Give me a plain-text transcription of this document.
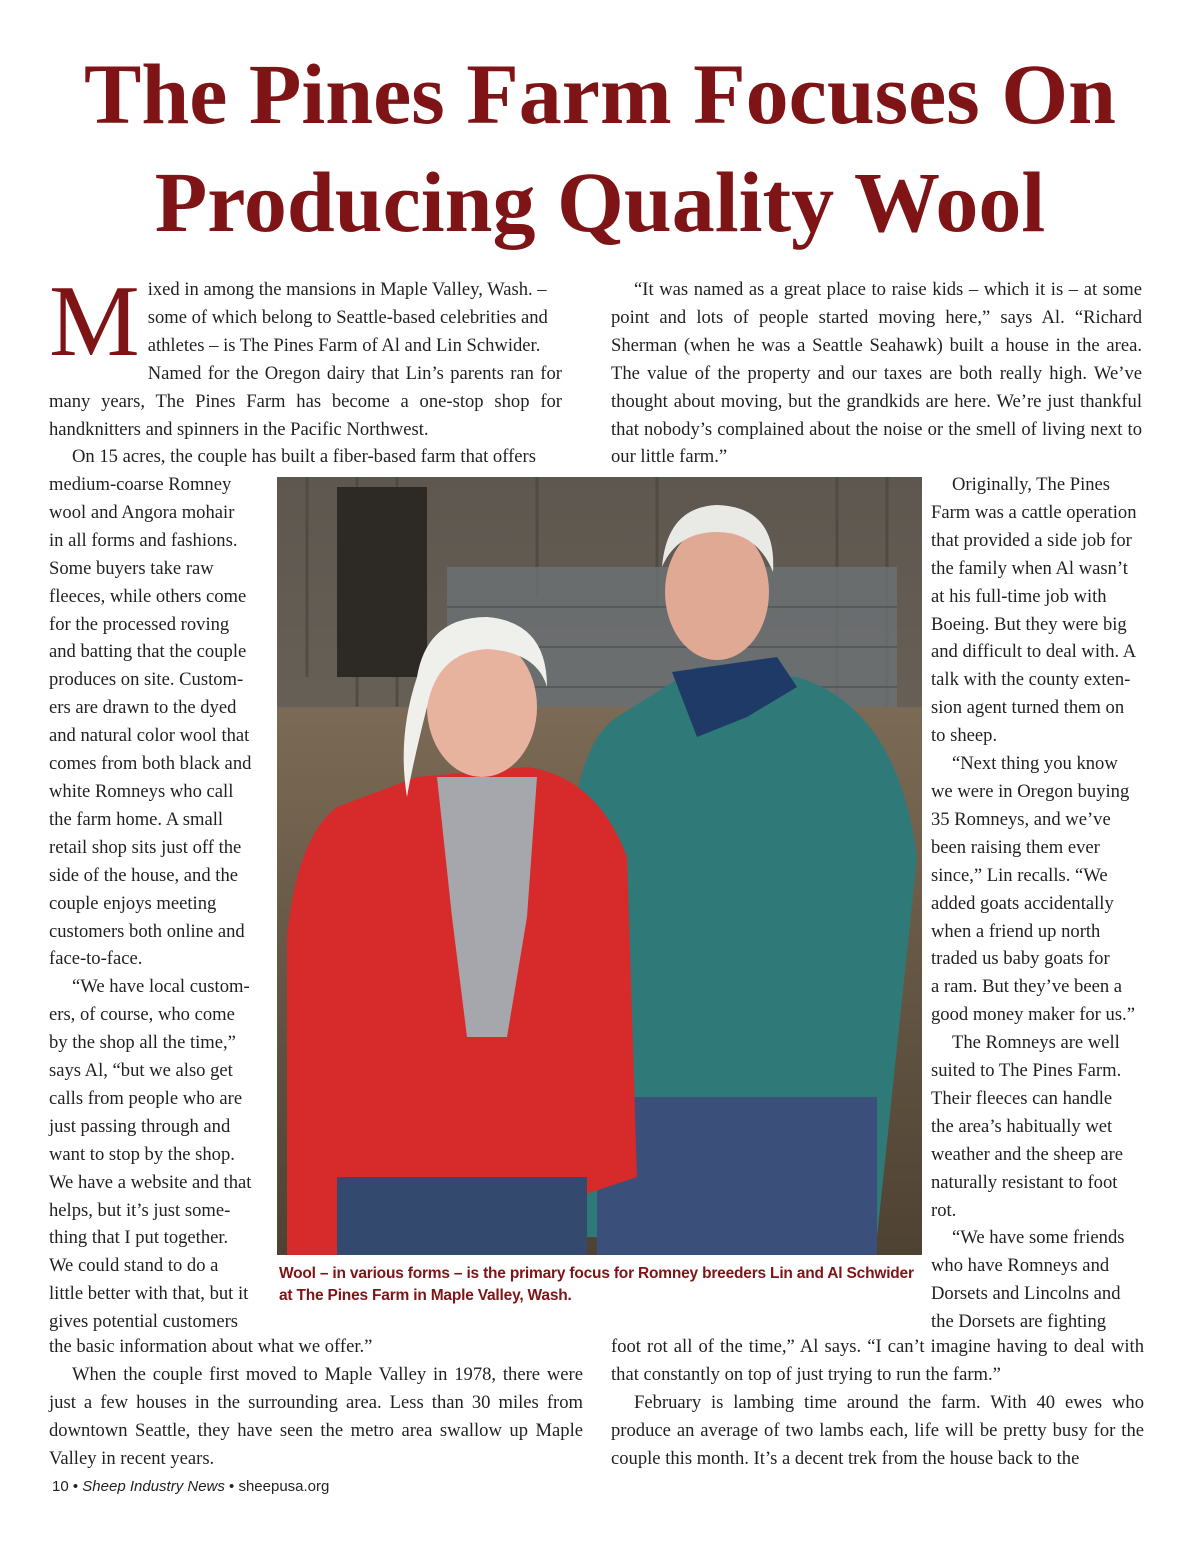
The Pines Farm Focuses On
Producing Quality Wool
M ixed in among the mansions in Maple Valley, Wash. –
some of which belong to Seattle-based celebrities and
athletes – is The Pines Farm of Al and Lin Schwider.
Named for the Oregon dairy that Lin’s parents ran for many years, The Pines Farm has become a one-stop shop for handknitters and spinners in the Pacific Northwest.

On 15 acres, the couple has built a fiber-based farm that offers

medium-coarse Romney
wool and Angora mohair
in all forms and fashions.
Some buyers take raw
fleeces, while others come
for the processed roving
and batting that the couple
produces on site. Custom-
ers are drawn to the dyed
and natural color wool that
comes from both black and
white Romneys who call
the farm home. A small
retail shop sits just off the
side of the house, and the
couple enjoys meeting
customers both online and
face-to-face.
“We have local custom-
ers, of course, who come
by the shop all the time,”
says Al, “but we also get
calls from people who are
just passing through and
want to stop by the shop.
We have a website and that
helps, but it’s just some-
thing that I put together.
We could stand to do a
little better with that, but it
gives potential customers

the basic information about what we offer.”

When the couple first moved to Maple Valley in 1978, there were just a few houses in the surrounding area. Less than 30 miles from downtown Seattle, they have seen the metro area swallow up Maple Valley in recent years.

“It was named as a great place to raise kids – which it is – at some point and lots of people started moving here,” says Al. “Richard Sherman (when he was a Seattle Seahawk) built a house in the area. The value of the property and our taxes are both really high. We’ve thought about moving, but the grandkids are here. We’re just thankful that nobody’s complained about the noise or the smell of living next to our little farm.”

Originally, The Pines
Farm was a cattle operation
that provided a side job for
the family when Al wasn’t
at his full-time job with
Boeing. But they were big
and difficult to deal with. A
talk with the county exten-
sion agent turned them on
to sheep.
“Next thing you know
we were in Oregon buying
35 Romneys, and we’ve
been raising them ever
since,” Lin recalls. “We
added goats accidentally
when a friend up north
traded us baby goats for
a ram. But they’ve been a
good money maker for us.”
The Romneys are well
suited to The Pines Farm.
Their fleeces can handle
the area’s habitually wet
weather and the sheep are
naturally resistant to foot
rot.
“We have some friends
who have Romneys and
Dorsets and Lincolns and
the Dorsets are fighting

foot rot all of the time,” Al says. “I can’t imagine having to deal with that constantly on top of just trying to run the farm.”

February is lambing time around the farm. With 40 ewes who produce an average of two lambs each, life will be pretty busy for the couple this month. It’s a decent trek from the house back to the

Wool – in various forms – is the primary focus for Romney breeders Lin and Al Schwider at The Pines Farm in Maple Valley, Wash.
10 • Sheep Industry News • sheepusa.org
